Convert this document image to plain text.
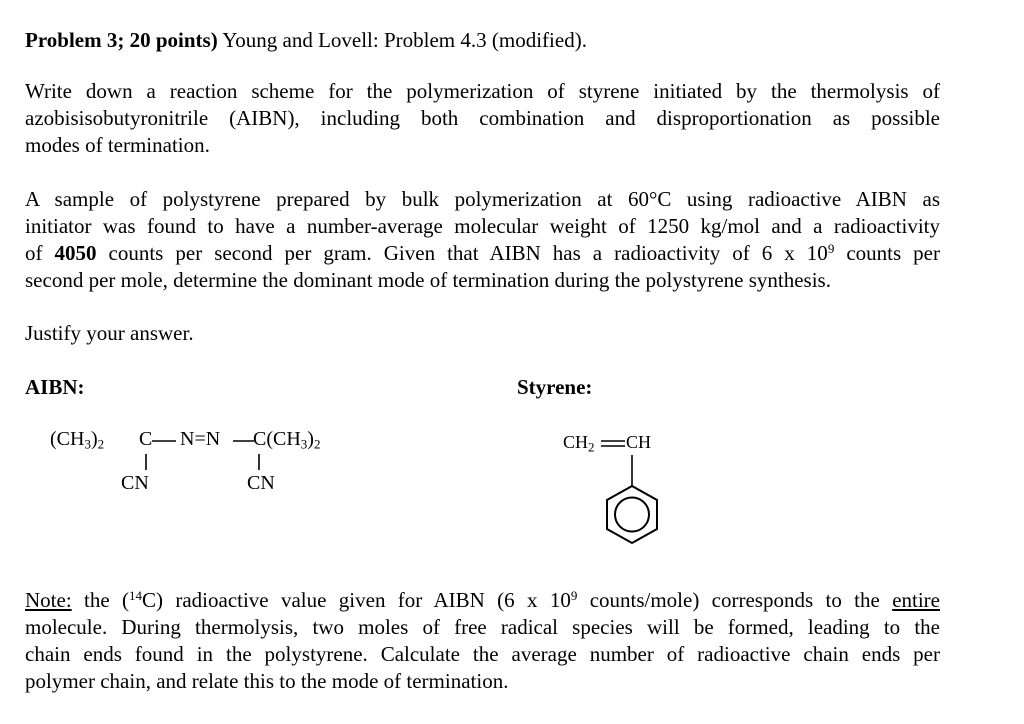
Problem 3; 20 points) Young and Lovell: Problem 4.3 (modified).
Write down a reaction scheme for the polymerization of styrene initiated by the thermolysis of
azobisisobutyronitrile (AIBN), including both combination and disproportionation as possible
modes of termination.
A sample of polystyrene prepared by bulk polymerization at 60°C using radioactive AIBN as
initiator was found to have a number-average molecular weight of 1250 kg/mol and a radioactivity
of 4050 counts per second per gram. Given that AIBN has a radioactivity of 6 x $10^9$ counts per
second per mole, determine the dominant mode of termination during the polystyrene synthesis.
Justify your answer.
AIBN:	Styrene:
$(CH_3)_2$ C N=N $C(CH_3)_2$
CN	CN
$CH_2$ CH
Note: the ($^{14}$C) radioactive value given for AIBN (6 x $10^9$ counts/mole) corresponds to the entire
molecule. During thermolysis, two moles of free radical species will be formed, leading to the
chain ends found in the polystyrene. Calculate the average number of radioactive chain ends per
polymer chain, and relate this to the mode of termination.
